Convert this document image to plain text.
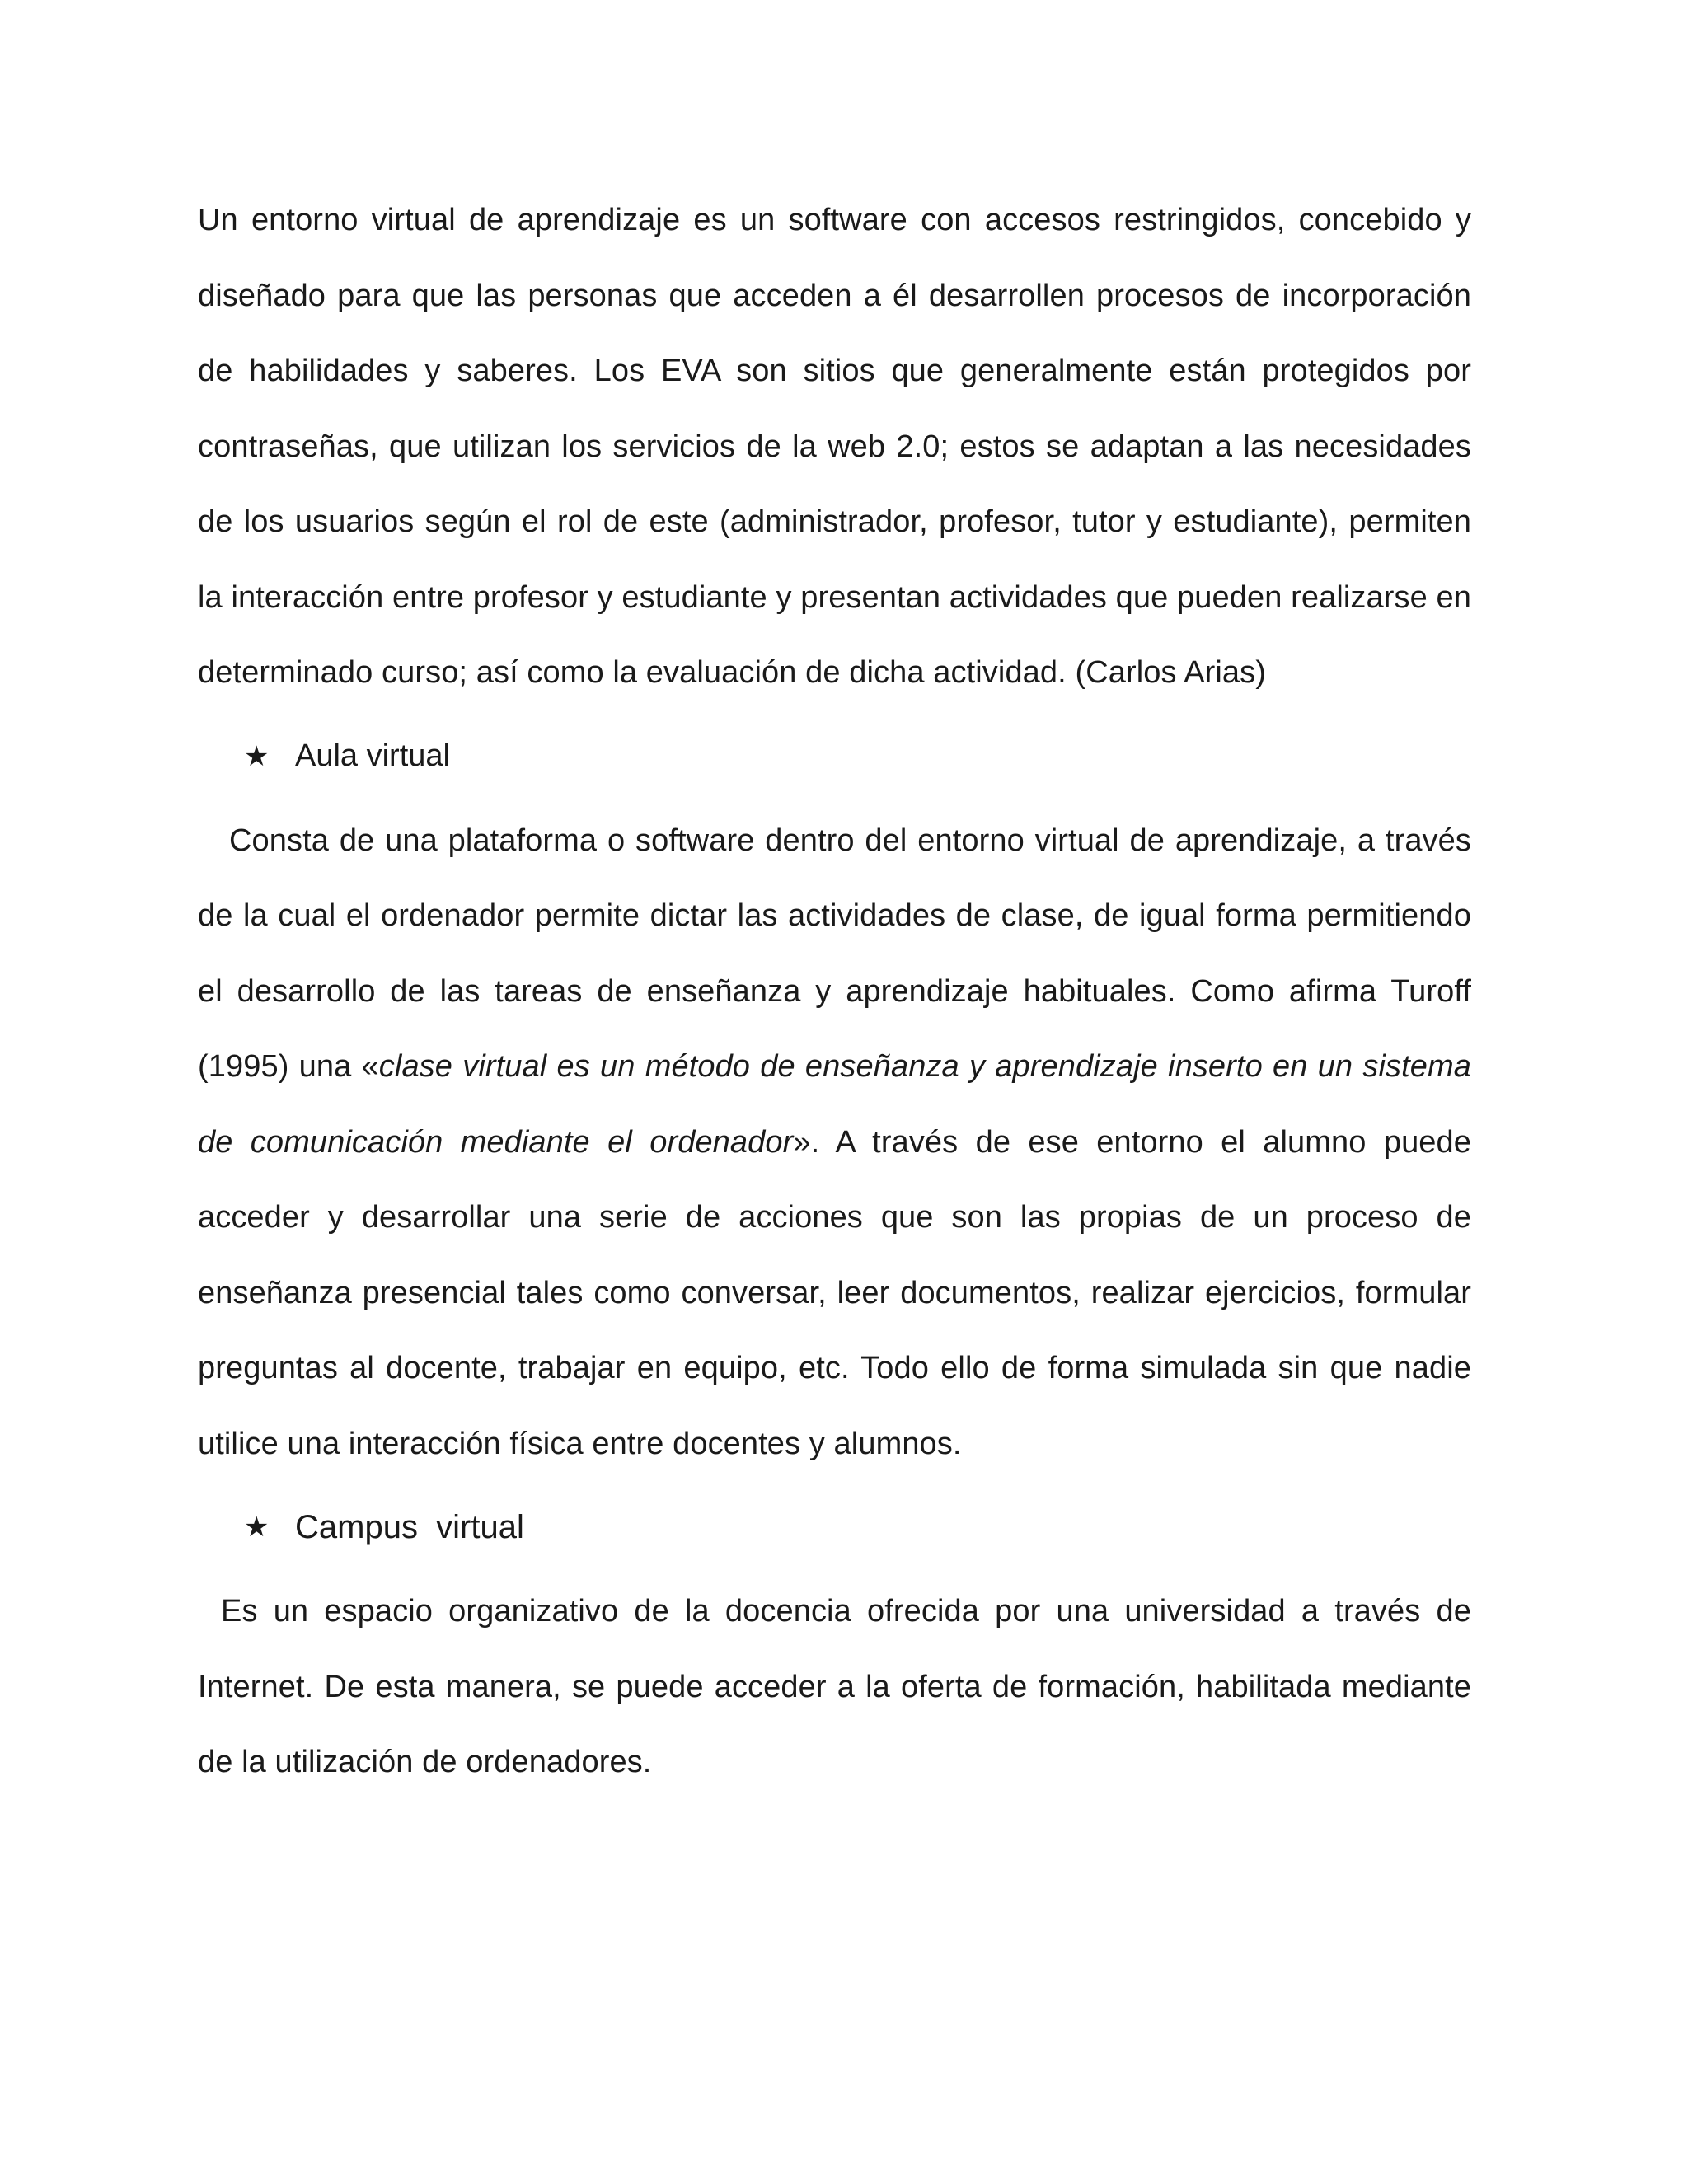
Un entorno virtual de aprendizaje es un software con accesos restringidos, concebido y diseñado para que las personas que acceden a él desarrollen procesos de incorporación de habilidades y saberes. Los EVA son sitios que generalmente están protegidos por contraseñas, que utilizan los servicios de la web 2.0; estos se adaptan a las necesidades de los usuarios según el rol de este (administrador, profesor, tutor y estudiante), permiten la interacción entre profesor y estudiante y presentan actividades que pueden realizarse en determinado curso; así como la evaluación de dicha actividad. (Carlos Arias)

★ Aula virtual

Consta de una plataforma o software dentro del entorno virtual de aprendizaje, a través de la cual el ordenador permite dictar las actividades de clase, de igual forma permitiendo el desarrollo de las tareas de enseñanza y aprendizaje habituales. Como afirma Turoff (1995) una «clase virtual es un método de enseñanza y aprendizaje inserto en un sistema de comunicación mediante el ordenador». A través de ese entorno el alumno puede acceder y desarrollar una serie de acciones que son las propias de un proceso de enseñanza presencial tales como conversar, leer documentos, realizar ejercicios, formular preguntas al docente, trabajar en equipo, etc. Todo ello de forma simulada sin que nadie utilice una interacción física entre docentes y alumnos.

★ Campus  virtual

Es un espacio organizativo de la docencia ofrecida por una universidad a través de Internet. De esta manera, se puede acceder a la oferta de formación, habilitada mediante de la utilización de ordenadores.
